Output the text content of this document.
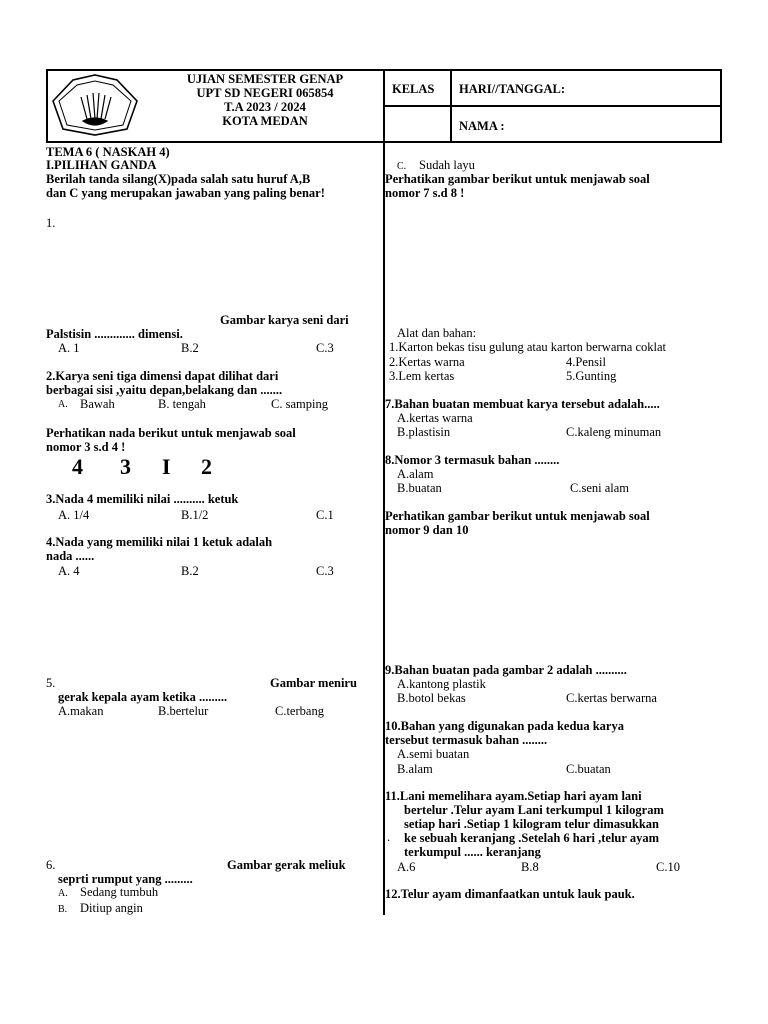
UJIAN SEMESTER GENAP
UPT SD NEGERI 065854
T.A 2023 / 2024
KOTA MEDAN
KELAS HARI//TANGGAL:
NAMA :
TEMA 6 ( NASKAH 4)
I.PILIHAN GANDA
Berilah tanda silang(X)pada salah satu huruf A,B
dan C yang merupakan jawaban yang paling benar!
1.
Gambar karya seni dari
Palstisin ............. dimensi.
A. 1	B.2	C.3
2.Karya seni tiga dimensi dapat dilihat dari
berbagai sisi ,yaitu depan,belakang dan .......
A. Bawah	B. tengah	C. samping
Perhatikan nada berikut untuk menjawab soal
nomor 3 s.d 4 !
4 3 I 2
3.Nada 4 memiliki nilai .......... ketuk
A. 1/4	B.1/2	C.1
4.Nada yang memiliki nilai 1 ketuk adalah
nada ......
A. 4	B.2	C.3
5.	Gambar meniru
gerak kepala ayam ketika .........
A.makan	B.bertelur	C.terbang
6.	Gambar gerak meliuk
seprti rumput yang .........
A. Sedang tumbuh
B. Ditiup angin
C. Sudah layu
Perhatikan gambar berikut untuk menjawab soal
nomor 7 s.d 8 !
Alat dan bahan:
1.Karton bekas tisu gulung atau karton berwarna coklat
2.Kertas warna	4.Pensil
3.Lem kertas	5.Gunting
7.Bahan buatan membuat karya tersebut adalah.....
A.kertas warna
B.plastisin	C.kaleng minuman
8.Nomor 3 termasuk bahan ........
A.alam
B.buatan	C.seni alam
Perhatikan gambar berikut untuk menjawab soal
nomor 9 dan 10
9.Bahan buatan pada gambar 2 adalah ..........
A.kantong plastik
B.botol bekas	C.kertas berwarna
10.Bahan yang digunakan pada kedua karya
tersebut termasuk bahan ........
A.semi buatan
B.alam	C.buatan
11.Lani memelihara ayam.Setiap hari ayam lani
bertelur .Telur ayam Lani terkumpul 1 kilogram
setiap hari .Setiap 1 kilogram telur dimasukkan
. ke sebuah keranjang .Setelah 6 hari ,telur ayam
terkumpul ...... keranjang
A.6	B.8	C.10
12.Telur ayam dimanfaatkan untuk lauk pauk.
